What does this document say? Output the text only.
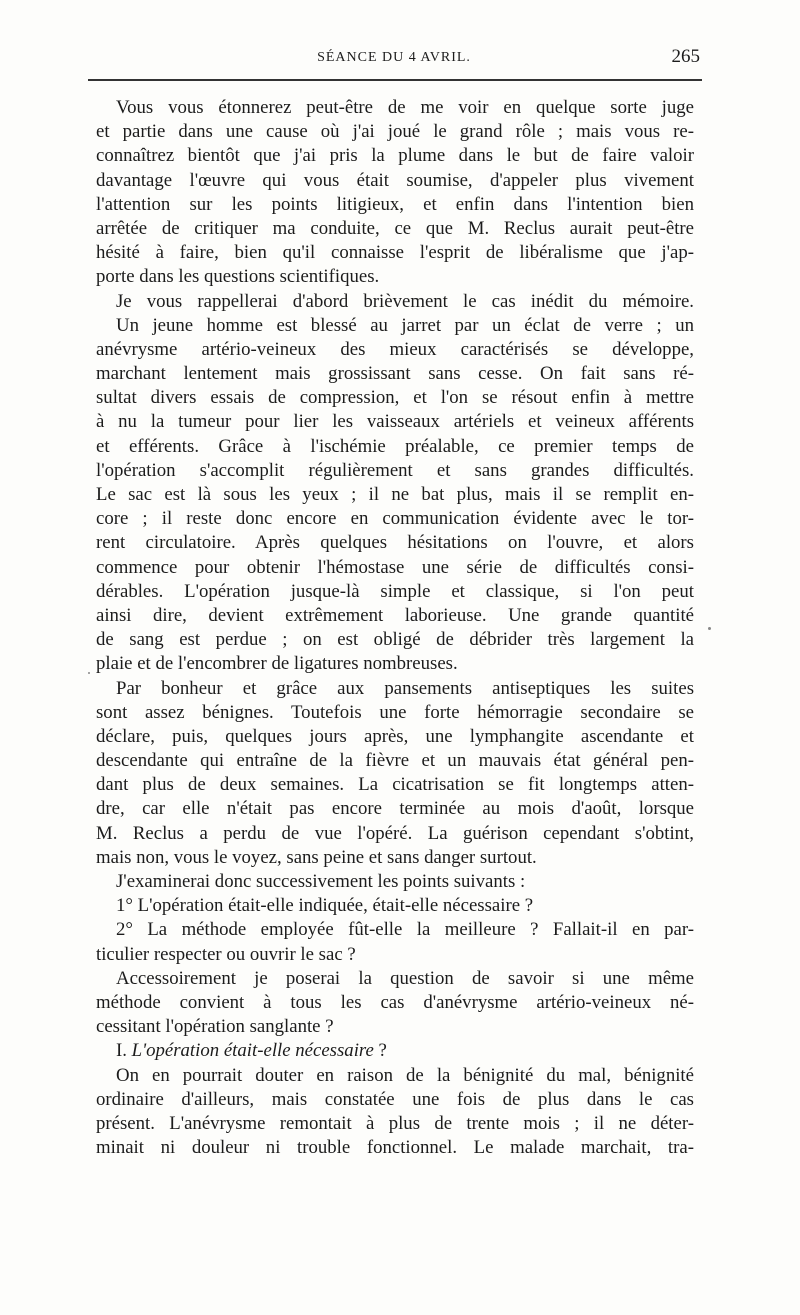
SÉANCE DU 4 AVRIL.	265
Vous vous étonnerez peut-être de me voir en quelque sorte juge
et partie dans une cause où j'ai joué le grand rôle ; mais vous re-
connaîtrez bientôt que j'ai pris la plume dans le but de faire valoir
davantage l'œuvre qui vous était soumise, d'appeler plus vivement
l'attention sur les points litigieux, et enfin dans l'intention bien
arrêtée de critiquer ma conduite, ce que M. Reclus aurait peut-être
hésité à faire, bien qu'il connaisse l'esprit de libéralisme que j'ap-
porte dans les questions scientifiques.
Je vous rappellerai d'abord brièvement le cas inédit du mémoire.
Un jeune homme est blessé au jarret par un éclat de verre ; un
anévrysme artério-veineux des mieux caractérisés se développe,
marchant lentement mais grossissant sans cesse. On fait sans ré-
sultat divers essais de compression, et l'on se résout enfin à mettre
à nu la tumeur pour lier les vaisseaux artériels et veineux afférents
et efférents. Grâce à l'ischémie préalable, ce premier temps de
l'opération s'accomplit régulièrement et sans grandes difficultés.
Le sac est là sous les yeux ; il ne bat plus, mais il se remplit en-
core ; il reste donc encore en communication évidente avec le tor-
rent circulatoire. Après quelques hésitations on l'ouvre, et alors
commence pour obtenir l'hémostase une série de difficultés consi-
dérables. L'opération jusque-là simple et classique, si l'on peut
ainsi dire, devient extrêmement laborieuse. Une grande quantité
de sang est perdue ; on est obligé de débrider très largement la
plaie et de l'encombrer de ligatures nombreuses.
Par bonheur et grâce aux pansements antiseptiques les suites
sont assez bénignes. Toutefois une forte hémorragie secondaire se
déclare, puis, quelques jours après, une lymphangite ascendante et
descendante qui entraîne de la fièvre et un mauvais état général pen-
dant plus de deux semaines. La cicatrisation se fit longtemps atten-
dre, car elle n'était pas encore terminée au mois d'août, lorsque
M. Reclus a perdu de vue l'opéré. La guérison cependant s'obtint,
mais non, vous le voyez, sans peine et sans danger surtout.
J'examinerai donc successivement les points suivants :
1° L'opération était-elle indiquée, était-elle nécessaire ?
2° La méthode employée fût-elle la meilleure ? Fallait-il en par-
ticulier respecter ou ouvrir le sac ?
Accessoirement je poserai la question de savoir si une même
méthode convient à tous les cas d'anévrysme artério-veineux né-
cessitant l'opération sanglante ?
I. L'opération était-elle nécessaire ?
On en pourrait douter en raison de la bénignité du mal, bénignité
ordinaire d'ailleurs, mais constatée une fois de plus dans le cas
présent. L'anévrysme remontait à plus de trente mois ; il ne déter-
minait ni douleur ni trouble fonctionnel. Le malade marchait, tra-
